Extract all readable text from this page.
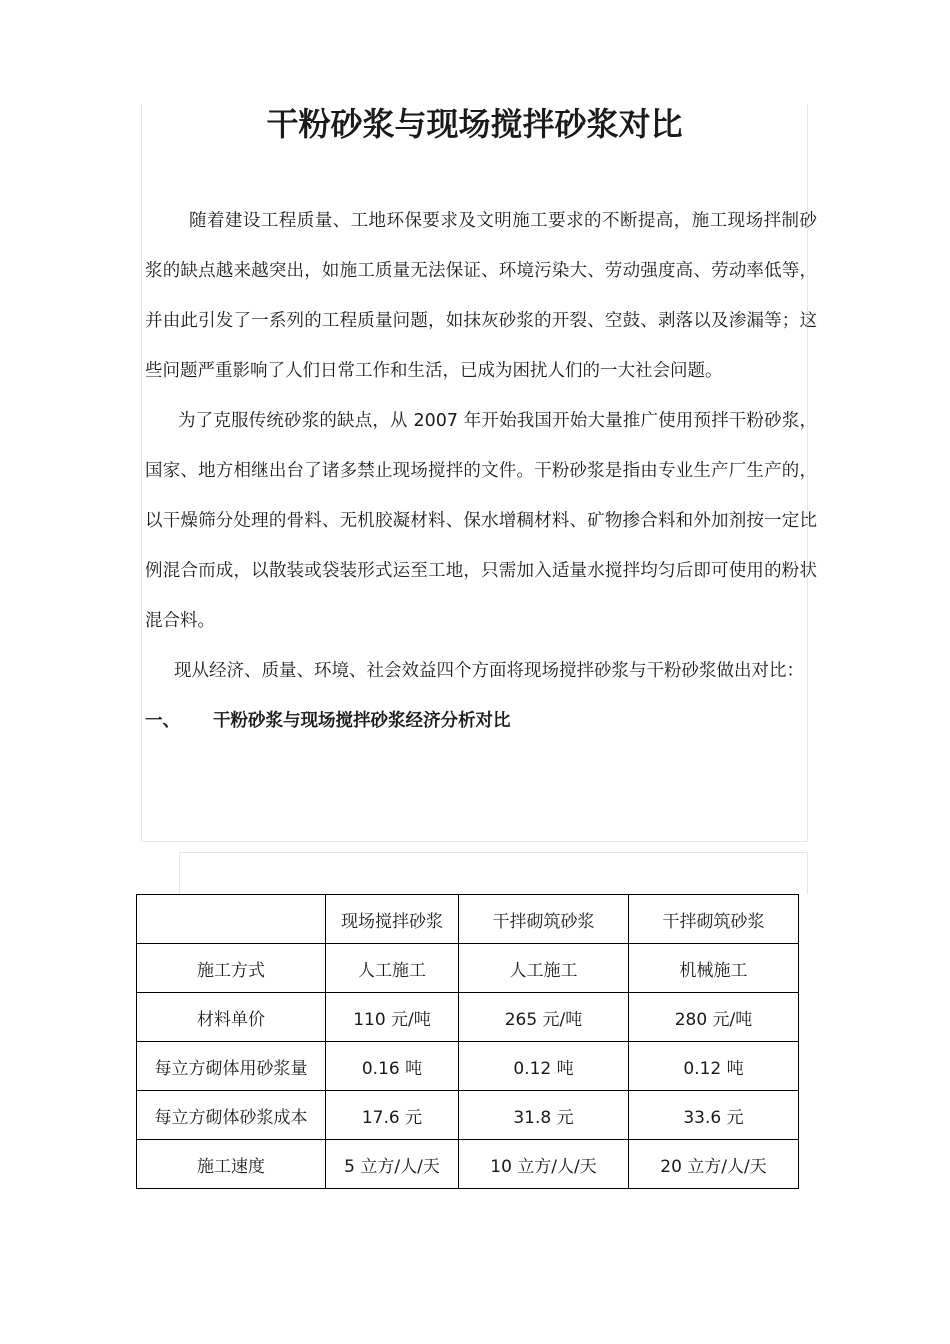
干粉砂浆与现场搅拌砂浆对比

随着建设工程质量、工地环保要求及文明施工要求的不断提高，施工现场拌制砂浆的缺点越来越突出，如施工质量无法保证、环境污染大、劳动强度高、劳动率低等，并由此引发了一系列的工程质量问题，如抹灰砂浆的开裂、空鼓、剥落以及渗漏等；这些问题严重影响了人们日常工作和生活，已成为困扰人们的一大社会问题。

为了克服传统砂浆的缺点，从 2007 年开始我国开始大量推广使用预拌干粉砂浆，国家、地方相继出台了诸多禁止现场搅拌的文件。干粉砂浆是指由专业生产厂生产的，以干燥筛分处理的骨料、无机胶凝材料、保水增稠材料、矿物掺合料和外加剂按一定比例混合而成，以散装或袋装形式运至工地，只需加入适量水搅拌均匀后即可使用的粉状混合料。

现从经济、质量、环境、社会效益四个方面将现场搅拌砂浆与干粉砂浆做出对比：

一、 干粉砂浆与现场搅拌砂浆经济分析对比

	现场搅拌砂浆	干拌砌筑砂浆	干拌砌筑砂浆
施工方式	人工施工	人工施工	机械施工
材料单价	110 元/吨	265 元/吨	280 元/吨
每立方砌体用砂浆量	0.16 吨	0.12 吨	0.12 吨
每立方砌体砂浆成本	17.6 元	31.8 元	33.6 元
施工速度	5 立方/人/天	10 立方/人/天	20 立方/人/天
